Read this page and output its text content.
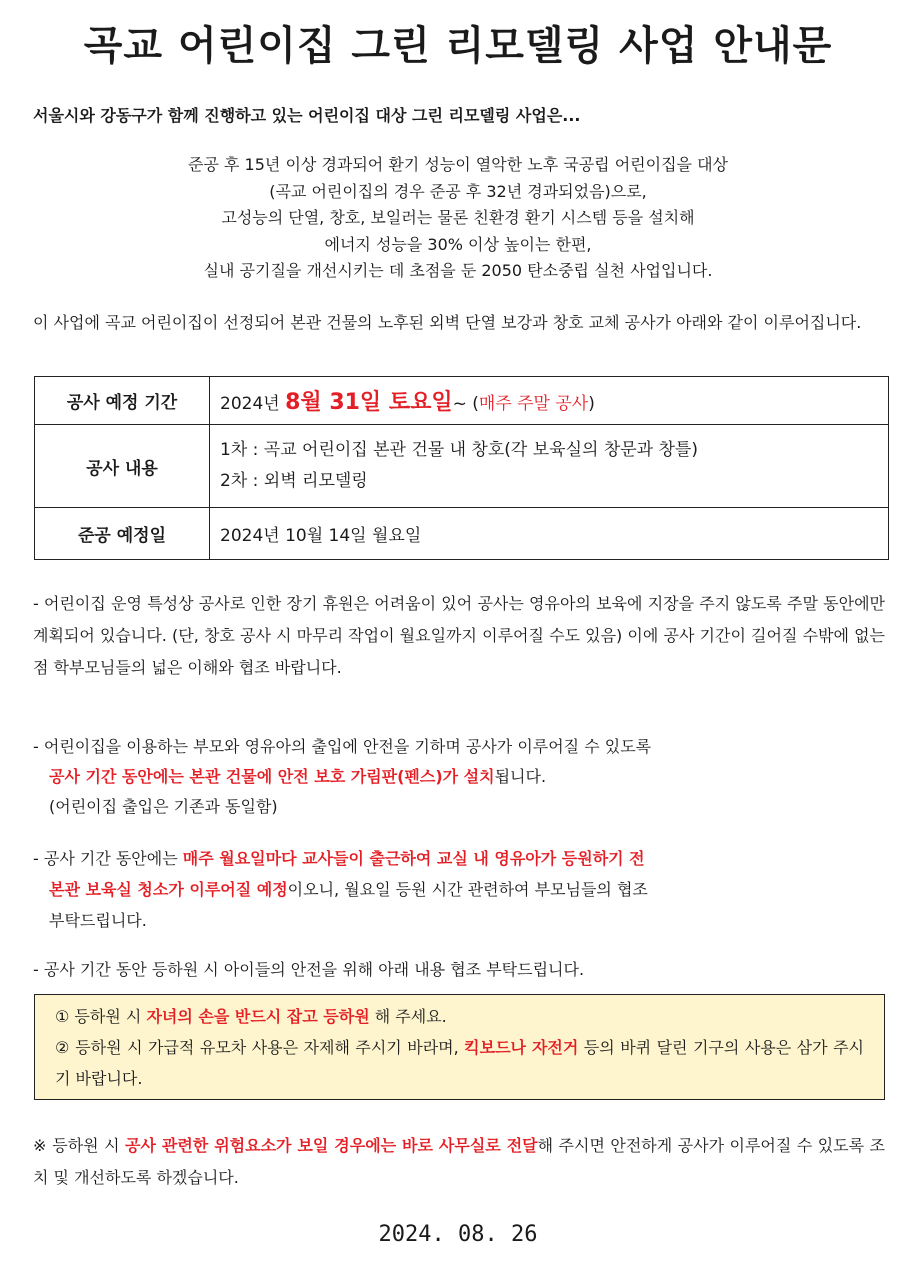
곡교 어린이집 그린 리모델링 사업 안내문
서울시와 강동구가 함께 진행하고 있는 어린이집 대상 그린 리모델링 사업은...
준공 후 15년 이상 경과되어 환기 성능이 열악한 노후 국공립 어린이집을 대상
(곡교 어린이집의 경우 준공 후 32년 경과되었음)으로,
고성능의 단열, 창호, 보일러는 물론 친환경 환기 시스템 등을 설치해
에너지 성능을 30% 이상 높이는 한편,
실내 공기질을 개선시키는 데 초점을 둔 2050 탄소중립 실천 사업입니다.
이 사업에 곡교 어린이집이 선정되어 본관 건물의 노후된 외벽 단열 보강과 창호 교체 공사가 아래와 같이 이루어집니다.
공사 예정 기간	2024년 8월 31일 토요일~ (매주 주말 공사)
공사 내용	1차 : 곡교 어린이집 본관 건물 내 창호(각 보육실의 창문과 창틀)
2차 : 외벽 리모델링

준공 예정일	2024년 10월 14일 월요일
- 어린이집 운영 특성상 공사로 인한 장기 휴원은 어려움이 있어 공사는 영유아의 보육에 지장을 주지 않도록 주말 동안에만 계획되어 있습니다. (단, 창호 공사 시 마무리 작업이 월요일까지 이루어질 수도 있음) 이에 공사 기간이 길어질 수밖에 없는 점 학부모님들의 넓은 이해와 협조 바랍니다.
- 어린이집을 이용하는 부모와 영유아의 출입에 안전을 기하며 공사가 이루어질 수 있도록
공사 기간 동안에는 본관 건물에 안전 보호 가림판(펜스)가 설치됩니다.
(어린이집 출입은 기존과 동일함)
- 공사 기간 동안에는 매주 월요일마다 교사들이 출근하여 교실 내 영유아가 등원하기 전
본관 보육실 청소가 이루어질 예정이오니, 월요일 등원 시간 관련하여 부모님들의 협조
부탁드립니다.
- 공사 기간 동안 등하원 시 아이들의 안전을 위해 아래 내용 협조 부탁드립니다.
① 등하원 시 자녀의 손을 반드시 잡고 등하원 해 주세요.
② 등하원 시 가급적 유모차 사용은 자제해 주시기 바라며, 킥보드나 자전거 등의 바퀴 달린 기구의 사용은 삼가 주시기 바랍니다.
※ 등하원 시 공사 관련한 위험요소가 보일 경우에는 바로 사무실로 전달해 주시면 안전하게 공사가 이루어질 수 있도록 조치 및 개선하도록 하겠습니다.
2024. 08. 26
